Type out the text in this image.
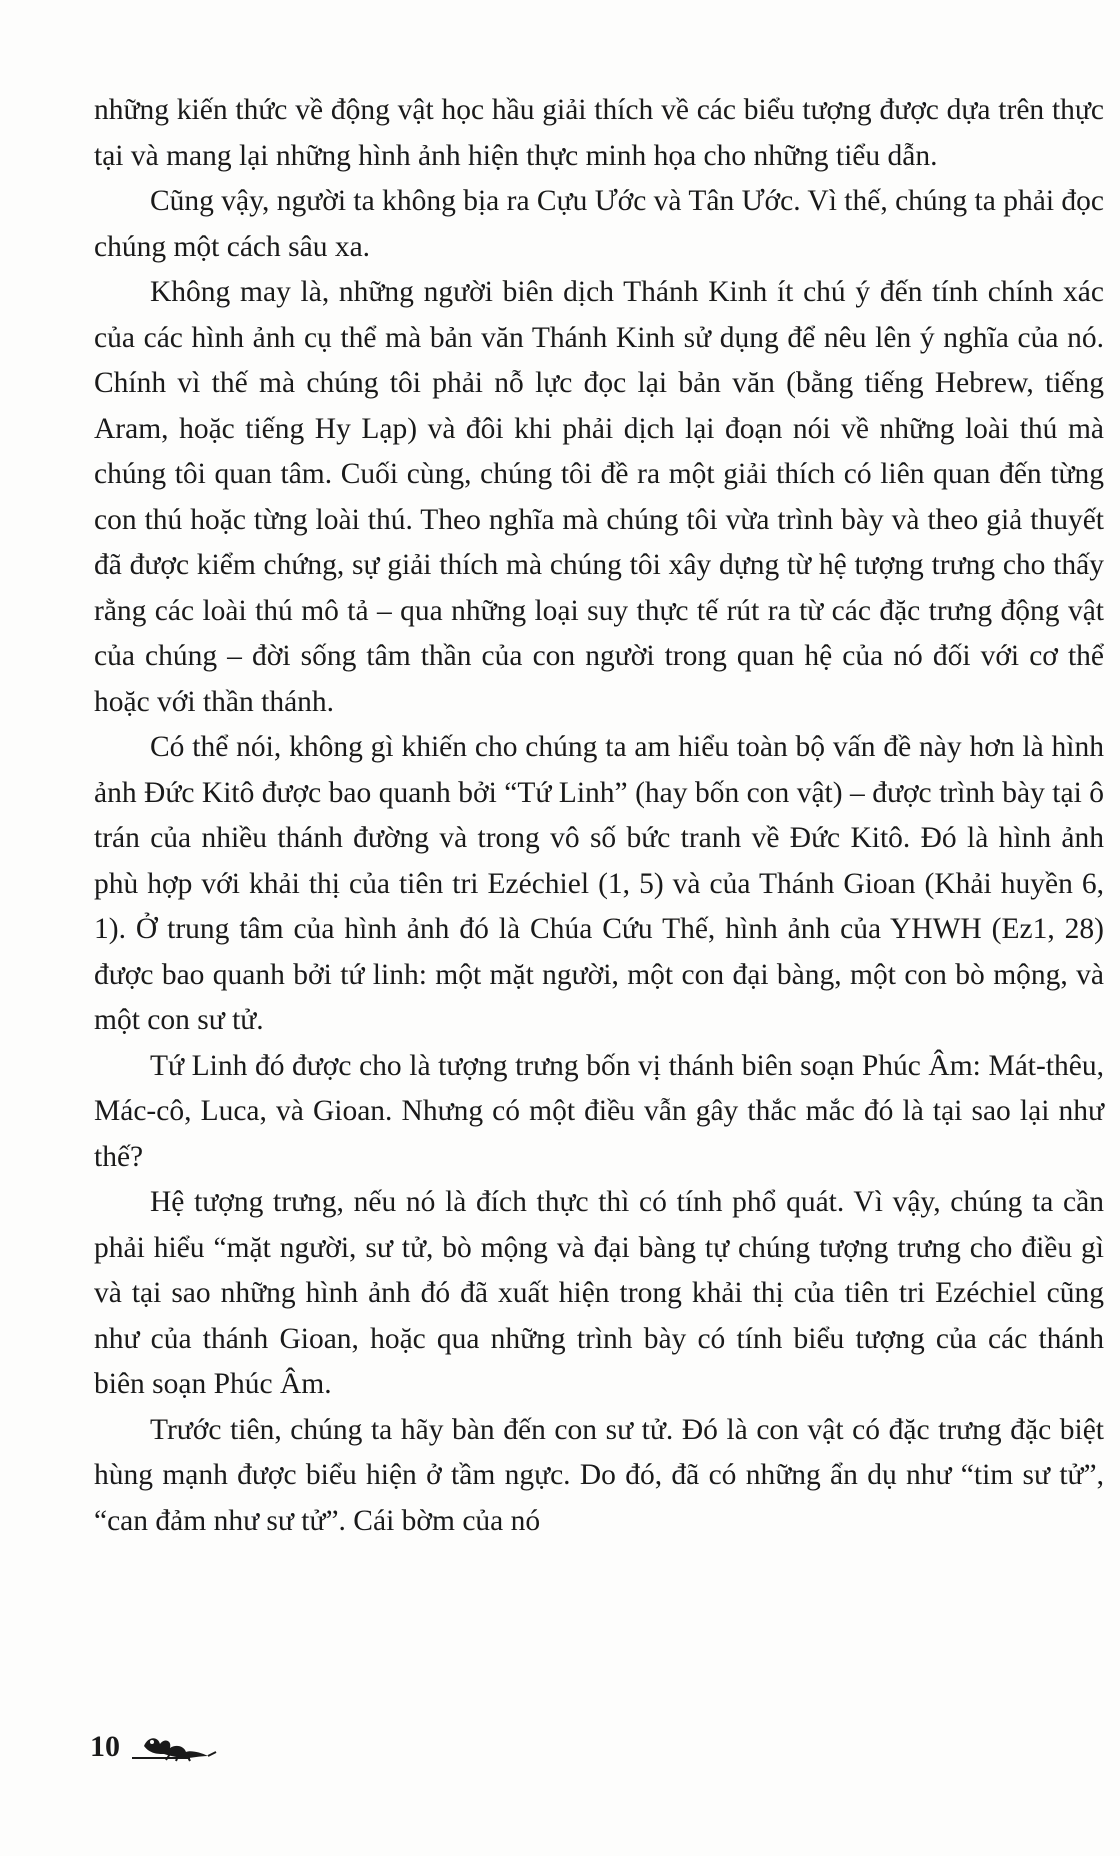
những kiến thức về động vật học hầu giải thích về các biểu tượng được dựa trên thực tại và mang lại những hình ảnh hiện thực minh họa cho những tiểu dẫn.

Cũng vậy, người ta không bịa ra Cựu Ước và Tân Ước. Vì thế, chúng ta phải đọc chúng một cách sâu xa.

Không may là, những người biên dịch Thánh Kinh ít chú ý đến tính chính xác của các hình ảnh cụ thể mà bản văn Thánh Kinh sử dụng để nêu lên ý nghĩa của nó. Chính vì thế mà chúng tôi phải nỗ lực đọc lại bản văn (bằng tiếng Hebrew, tiếng Aram, hoặc tiếng Hy Lạp) và đôi khi phải dịch lại đoạn nói về những loài thú mà chúng tôi quan tâm. Cuối cùng, chúng tôi đề ra một giải thích có liên quan đến từng con thú hoặc từng loài thú. Theo nghĩa mà chúng tôi vừa trình bày và theo giả thuyết đã được kiểm chứng, sự giải thích mà chúng tôi xây dựng từ hệ tượng trưng cho thấy rằng các loài thú mô tả – qua những loại suy thực tế rút ra từ các đặc trưng động vật của chúng – đời sống tâm thần của con người trong quan hệ của nó đối với cơ thể hoặc với thần thánh.

Có thể nói, không gì khiến cho chúng ta am hiểu toàn bộ vấn đề này hơn là hình ảnh Đức Kitô được bao quanh bởi “Tứ Linh” (hay bốn con vật) – được trình bày tại ô trán của nhiều thánh đường và trong vô số bức tranh về Đức Kitô. Đó là hình ảnh phù hợp với khải thị của tiên tri Ezéchiel (1, 5) và của Thánh Gioan (Khải huyền 6, 1). Ở trung tâm của hình ảnh đó là Chúa Cứu Thế, hình ảnh của YHWH (Ez1, 28) được bao quanh bởi tứ linh: một mặt người, một con đại bàng, một con bò mộng, và một con sư tử.

Tứ Linh đó được cho là tượng trưng bốn vị thánh biên soạn Phúc Âm: Mát-thêu, Mác-cô, Luca, và Gioan. Nhưng có một điều vẫn gây thắc mắc đó là tại sao lại như thế?

Hệ tượng trưng, nếu nó là đích thực thì có tính phổ quát. Vì vậy, chúng ta cần phải hiểu “mặt người, sư tử, bò mộng và đại bàng tự chúng tượng trưng cho điều gì và tại sao những hình ảnh đó đã xuất hiện trong khải thị của tiên tri Ezéchiel cũng như của thánh Gioan, hoặc qua những trình bày có tính biểu tượng của các thánh biên soạn Phúc Âm.

Trước tiên, chúng ta hãy bàn đến con sư tử. Đó là con vật có đặc trưng đặc biệt hùng mạnh được biểu hiện ở tầm ngực. Do đó, đã có những ẩn dụ như “tim sư tử”, “can đảm như sư tử”. Cái bờm của nó

10
